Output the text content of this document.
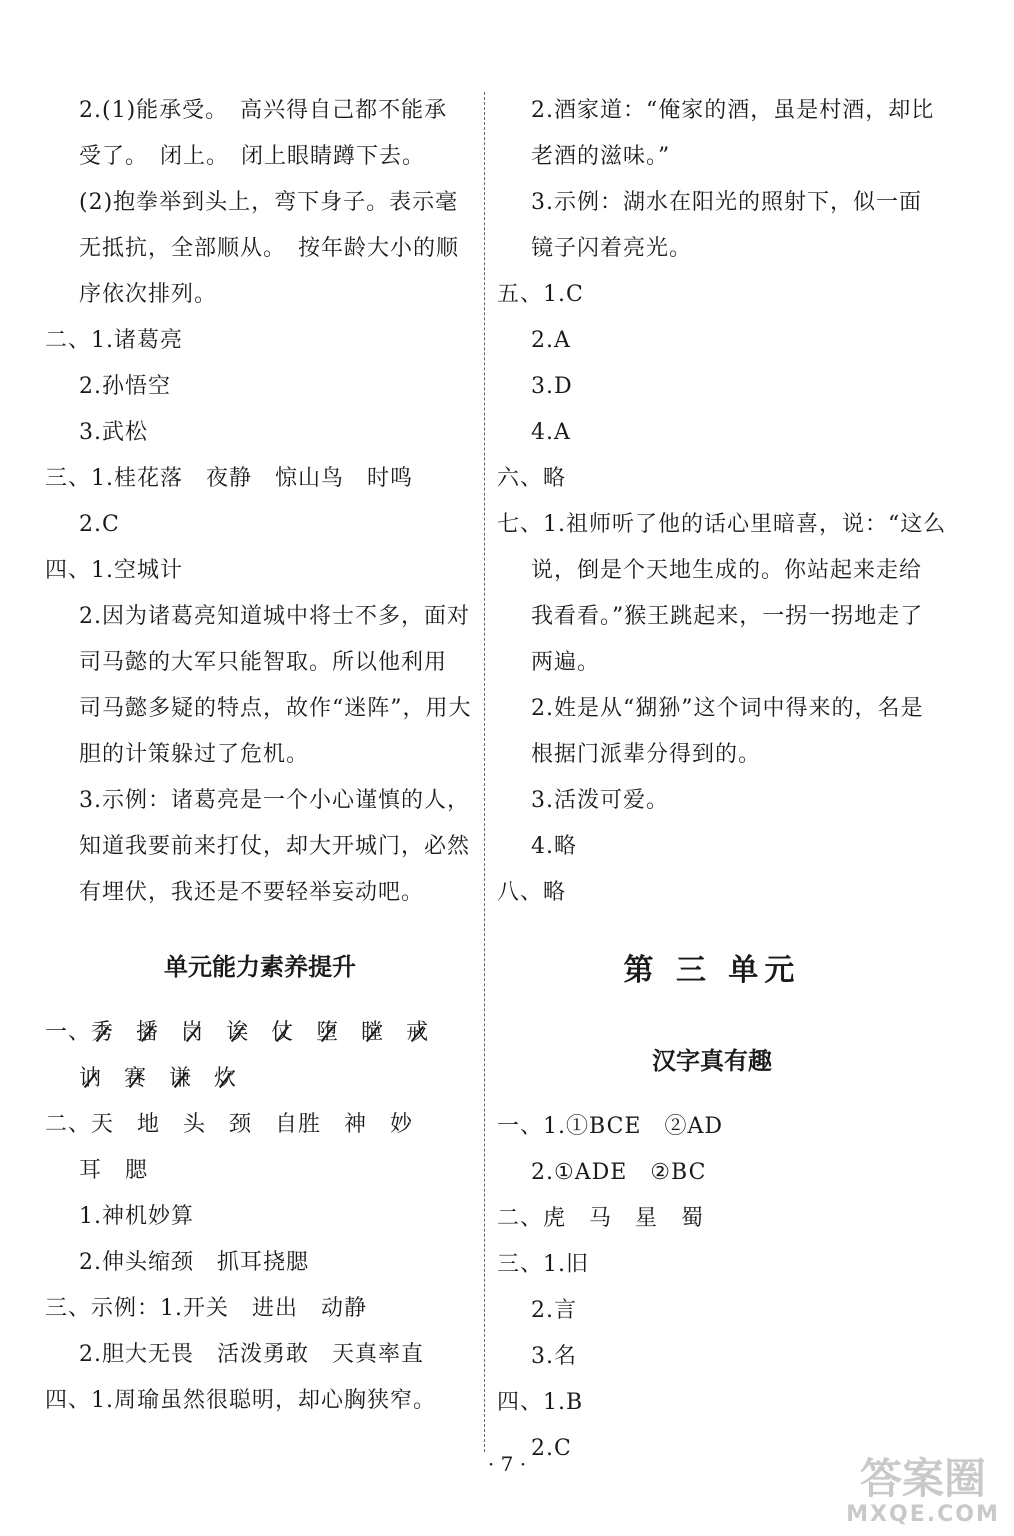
2.(1)能承受。　高兴得自己都不能承
受了。　闭上。　闭上眼睛蹲下去。
(2)抱拳举到头上，弯下身子。表示毫
无抵抗，全部顺从。　按年龄大小的顺
序依次排列。
二、1.诸葛亮
2.孙悟空
3.武松
三、1.桂花落　夜静　惊山鸟　时鸣
2.C
四、1.空城计
2.因为诸葛亮知道城中将士不多，面对
司马懿的大军只能智取。所以他利用
司马懿多疑的特点，故作“迷阵”，用大
胆的计策躲过了危机。
3.示例：诸葛亮是一个小心谨慎的人，
知道我要前来打仗，却大开城门，必然
有埋伏，我还是不要轻举妄动吧。
单元能力素养提升
一、秀 播 岗 诶 仗 堕 瞠 戒
讷 赛 谦 炊
二、天　地　头　颈　自胜　神　妙
耳　腮
1.神机妙算
2.伸头缩颈　抓耳挠腮
三、示例：1.开关　进出　动静
2.胆大无畏　活泼勇敢　天真率直
四、1.周瑜虽然很聪明，却心胸狭窄。
2.酒家道：“俺家的酒，虽是村酒，却比
老酒的滋味。”
3.示例：湖水在阳光的照射下，似一面
镜子闪着亮光。
五、1.C
2.A
3.D
4.A
六、略
七、1.祖师听了他的话心里暗喜，说：“这么
说，倒是个天地生成的。你站起来走给
我看看。”猴王跳起来，一拐一拐地走了
两遍。
2.姓是从“猢狲”这个词中得来的，名是
根据门派辈分得到的。
3.活泼可爱。
4.略
八、略
第 三 单元
汉字真有趣
一、1.①BCE　②AD
2.①ADE　②BC
二、虎　马　星　蜀
三、1.旧
2.言
3.名
四、1.B
2.C
· 7 ·	答案圈
MXQE.COM
